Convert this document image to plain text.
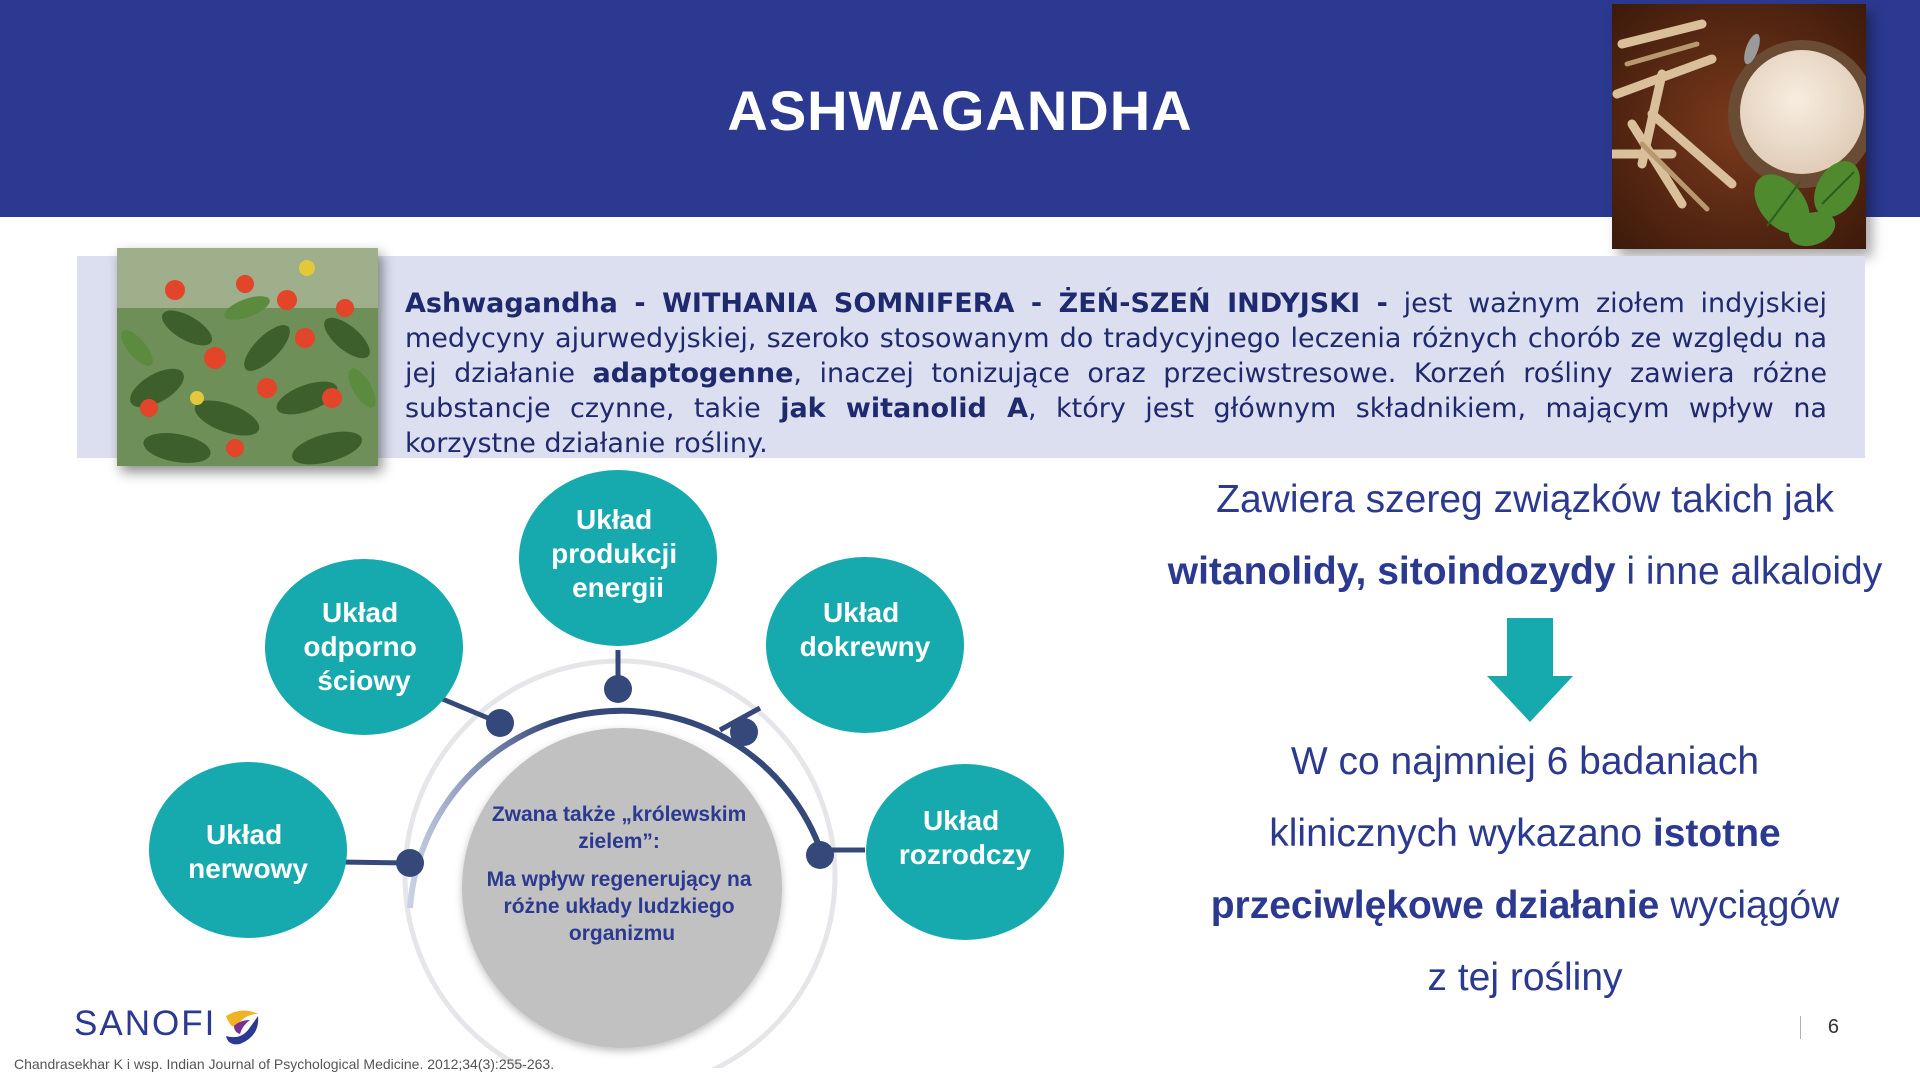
ASHWAGANDHA
Ashwagandha - WITHANIA SOMNIFERA - ŻEŃ-SZEŃ INDYJSKI - jest ważnym ziołem indyjskiej medycyny ajurwedyjskiej, szeroko stosowanym do tradycyjnego leczenia różnych chorób ze względu na jej działanie adaptogenne, inaczej tonizujące oraz przeciwstresowe. Korzeń rośliny zawiera różne substancje czynne, takie jak witanolid A, który jest głównym składnikiem, mającym wpływ na korzystne działanie rośliny.
Zwana także „królewskim zielem”: Ma wpływ regenerujący na różne układy ludzkiego organizmu
Układ nerwowy
Układ odporno ściowy
Układ produkcji energii
Układ dokrewny
Układ rozrodczy
Zawiera szereg związków takich jak
witanolidy, sitoindozydy i inne alkaloidy
W co najmniej 6 badaniach
klinicznych wykazano istotne
przeciwlękowe działanie wyciągów
z tej rośliny
SANOFI	6
Chandrasekhar K i wsp. Indian Journal of Psychological Medicine. 2012;34(3):255-263.
